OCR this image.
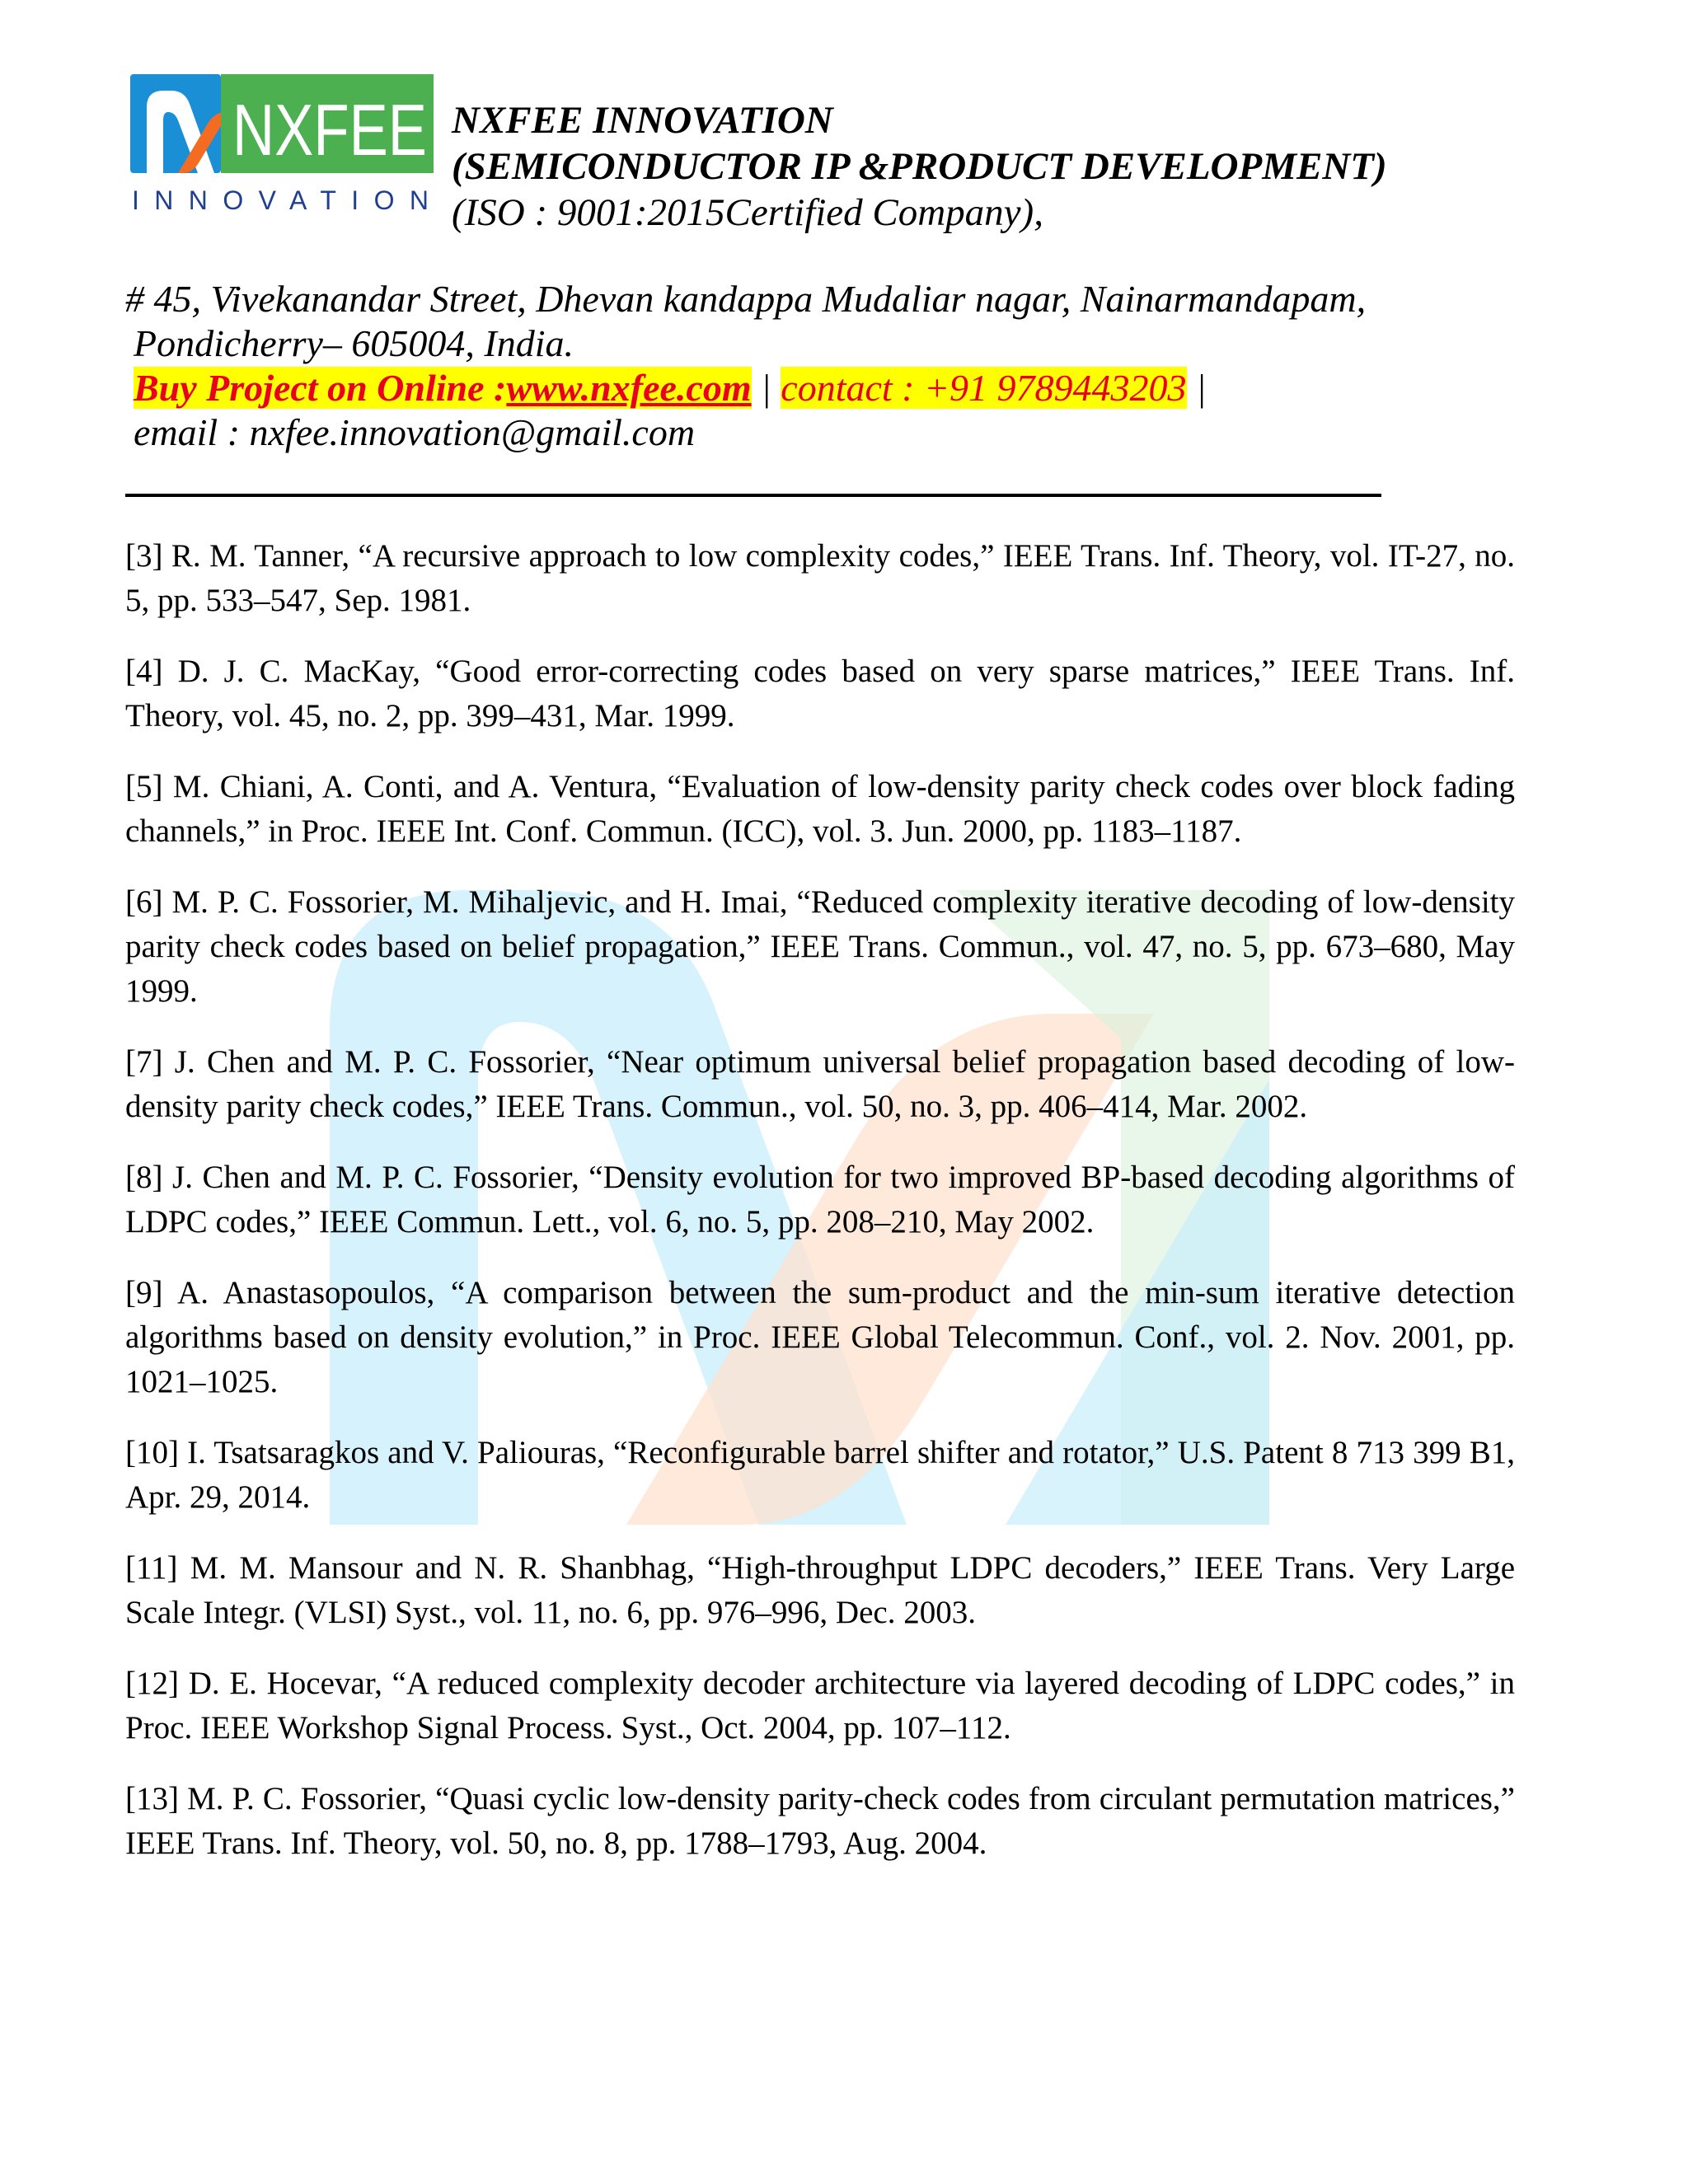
NXFEE
INNOVATION
NXFEE INNOVATION
(SEMICONDUCTOR IP &PRODUCT DEVELOPMENT)
(ISO : 9001:2015Certified Company),
# 45, Vivekanandar Street, Dhevan kandappa Mudaliar nagar, Nainarmandapam,
Pondicherry– 605004, India.
Buy Project on Online :www.nxfee.com | contact : +91 9789443203 |
email : nxfee.innovation@gmail.com

[3] R. M. Tanner, “A recursive approach to low complexity codes,” IEEE Trans. Inf. Theory, vol. IT-27, no. 5, pp. 533–547, Sep. 1981.

[4] D. J. C. MacKay, “Good error-correcting codes based on very sparse matrices,” IEEE Trans. Inf. Theory, vol. 45, no. 2, pp. 399–431, Mar. 1999.

[5] M. Chiani, A. Conti, and A. Ventura, “Evaluation of low-density parity check codes over block fading channels,” in Proc. IEEE Int. Conf. Commun. (ICC), vol. 3. Jun. 2000, pp. 1183–1187.

[6] M. P. C. Fossorier, M. Mihaljevic, and H. Imai, “Reduced complexity iterative decoding of low-density parity check codes based on belief propagation,” IEEE Trans. Commun., vol. 47, no. 5, pp. 673–680, May 1999.

[7] J. Chen and M. P. C. Fossorier, “Near optimum universal belief propagation based decoding of low-density parity check codes,” IEEE Trans. Commun., vol. 50, no. 3, pp. 406–414, Mar. 2002.

[8] J. Chen and M. P. C. Fossorier, “Density evolution for two improved BP-based decoding algorithms of LDPC codes,” IEEE Commun. Lett., vol. 6, no. 5, pp. 208–210, May 2002.

[9] A. Anastasopoulos, “A comparison between the sum-product and the min-sum iterative detection algorithms based on density evolution,” in Proc. IEEE Global Telecommun. Conf., vol. 2. Nov. 2001, pp. 1021–1025.

[10] I. Tsatsaragkos and V. Paliouras, “Reconfigurable barrel shifter and rotator,” U.S. Patent 8 713 399 B1, Apr. 29, 2014.

[11] M. M. Mansour and N. R. Shanbhag, “High-throughput LDPC decoders,” IEEE Trans. Very Large Scale Integr. (VLSI) Syst., vol. 11, no. 6, pp. 976–996, Dec. 2003.

[12] D. E. Hocevar, “A reduced complexity decoder architecture via layered decoding of LDPC codes,” in Proc. IEEE Workshop Signal Process. Syst., Oct. 2004, pp. 107–112.

[13] M. P. C. Fossorier, “Quasi cyclic low-density parity-check codes from circulant permutation matrices,” IEEE Trans. Inf. Theory, vol. 50, no. 8, pp. 1788–1793, Aug. 2004.
